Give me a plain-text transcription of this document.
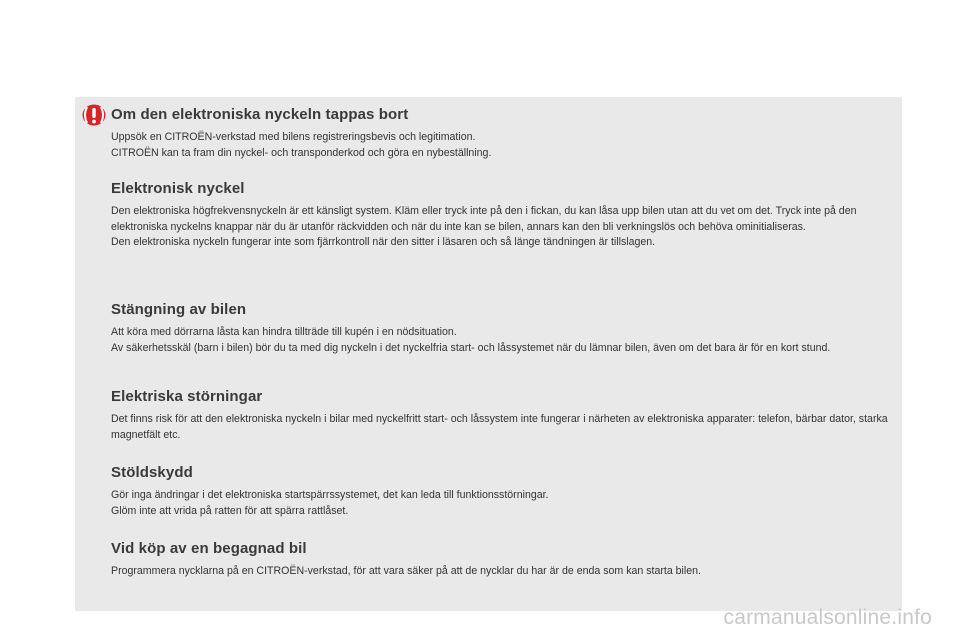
Om den elektroniska nyckeln tappas bort

Uppsök en CITROËN-verkstad med bilens registreringsbevis och legitimation.

CITROËN kan ta fram din nyckel- och transponderkod och göra en nybeställning.

Elektronisk nyckel

Den elektroniska högfrekvensnyckeln är ett känsligt system. Kläm eller tryck inte på den i fickan, du kan låsa upp bilen utan att du vet om det. Tryck inte på den elektroniska nyckelns knappar när du är utanför räckvidden och när du inte kan se bilen, annars kan den bli verkningslös och behöva ominitialiseras.

Den elektroniska nyckeln fungerar inte som fjärrkontroll när den sitter i läsaren och så länge tändningen är tillslagen.

Stängning av bilen

Att köra med dörrarna låsta kan hindra tillträde till kupén i en nödsituation.

Av säkerhetsskäl (barn i bilen) bör du ta med dig nyckeln i det nyckelfria start- och låssystemet när du lämnar bilen, även om det bara är för en kort stund.

Elektriska störningar

Det finns risk för att den elektroniska nyckeln i bilar med nyckelfritt start- och låssystem inte fungerar i närheten av elektroniska apparater: telefon, bärbar dator, starka magnetfält etc.

Stöldskydd

Gör inga ändringar i det elektroniska startspärrssystemet, det kan leda till funktionsstörningar.

Glöm inte att vrida på ratten för att spärra rattlåset.

Vid köp av en begagnad bil

Programmera nycklarna på en CITROËN-verkstad, för att vara säker på att de nycklar du har är de enda som kan starta bilen.

carmanualsonline.info
